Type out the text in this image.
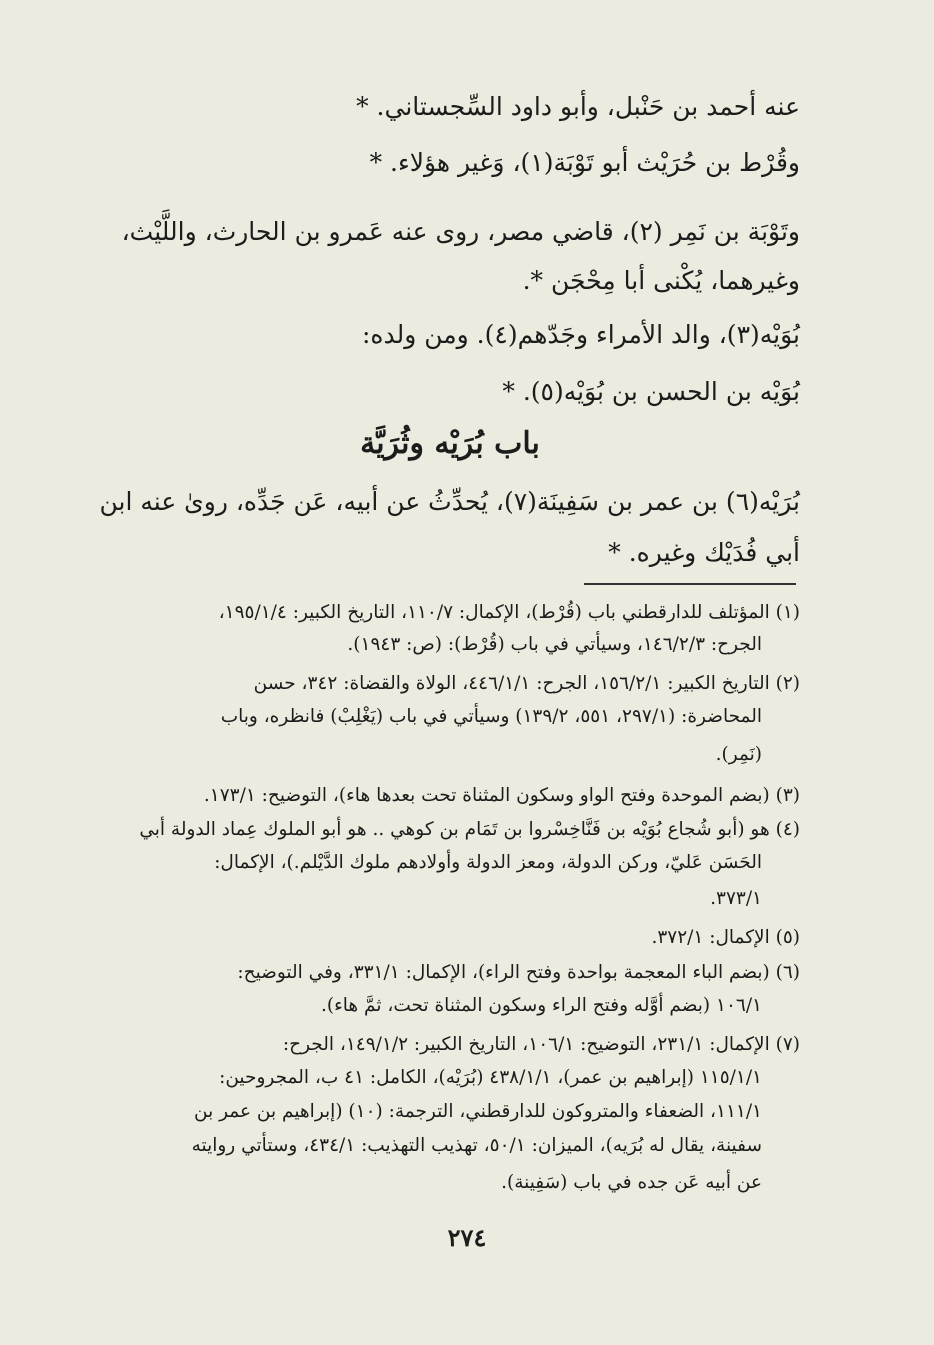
عنه أحمد بن حَنْبل، وأبو داود السِّجستاني. *
وقُرْط بن حُرَيْث أبو تَوْبَة(١)، وَغير هؤلاء. *
وتَوْبَة بن نَمِر (٢)، قاضي مصر، روى عنه عَمرو بن الحارث، واللَّيْث،
وغيرهما، يُكْنى أبا مِحْجَن *.
بُوَيْه(٣)، والد الأمراء وجَدّهم(٤). ومن ولده:
بُوَيْه بن الحسن بن بُوَيْه(٥). *
باب بُرَيْه وثُرَيَّة
بُرَيْه(٦) بن عمر بن سَفِينَة(٧)، يُحدِّثُ عن أبيه، عَن جَدِّه، روىٰ عنه ابن
أبي فُدَيْك وغيره. *
(١) المؤتلف للدارقطني باب (قُرْط)، الإكمال: ١١٠/٧، التاريخ الكبير: ١٩٥/١/٤،
الجرح: ١٤٦/٢/٣، وسيأتي في باب (قُرْط): (ص: ١٩٤٣).
(٢) التاريخ الكبير: ١٥٦/٢/١، الجرح: ٤٤٦/١/١، الولاة والقضاة: ٣٤٢، حسن
المحاضرة: (٢٩٧/١، ٥٥١، ١٣٩/٢) وسيأتي في باب (يَغْلِبْ) فانظره، وباب
(نَمِر).
(٣) (بضم الموحدة وفتح الواو وسكون المثناة تحت بعدها هاء)، التوضيح: ١٧٣/١.
(٤) هو (أبو شُجاع بُوَيْه بن فَنَّاخِسْروا بن تَمَام بن كوهي .. هو أبو الملوك عِماد الدولة أبي
الحَسَن عَليّ، وركن الدولة، ومعز الدولة وأولادهم ملوك الدَّيْلم.)، الإكمال:
٣٧٣/١.
(٥) الإكمال: ٣٧٢/١.
(٦) (بضم الباء المعجمة بواحدة وفتح الراء)، الإكمال: ٣٣١/١، وفي التوضيح:
١٠٦/١ (بضم أوَّله وفتح الراء وسكون المثناة تحت، ثمَّ هاء).
(٧) الإكمال: ٢٣١/١، التوضيح: ١٠٦/١، التاريخ الكبير: ١٤٩/١/٢، الجرح:
١١٥/١/١ (إبراهيم بن عمر)، ٤٣٨/١/١ (بُرَيْه)، الكامل: ٤١ ب، المجروحين:
١١١/١، الضعفاء والمتروكون للدارقطني، الترجمة: (١٠) (إبراهيم بن عمر بن
سفينة، يقال له بُرَيه)، الميزان: ٥٠/١، تهذيب التهذيب: ٤٣٤/١، وستأتي روايته
عن أبيه عَن جده في باب (سَفِينة).
٢٧٤
